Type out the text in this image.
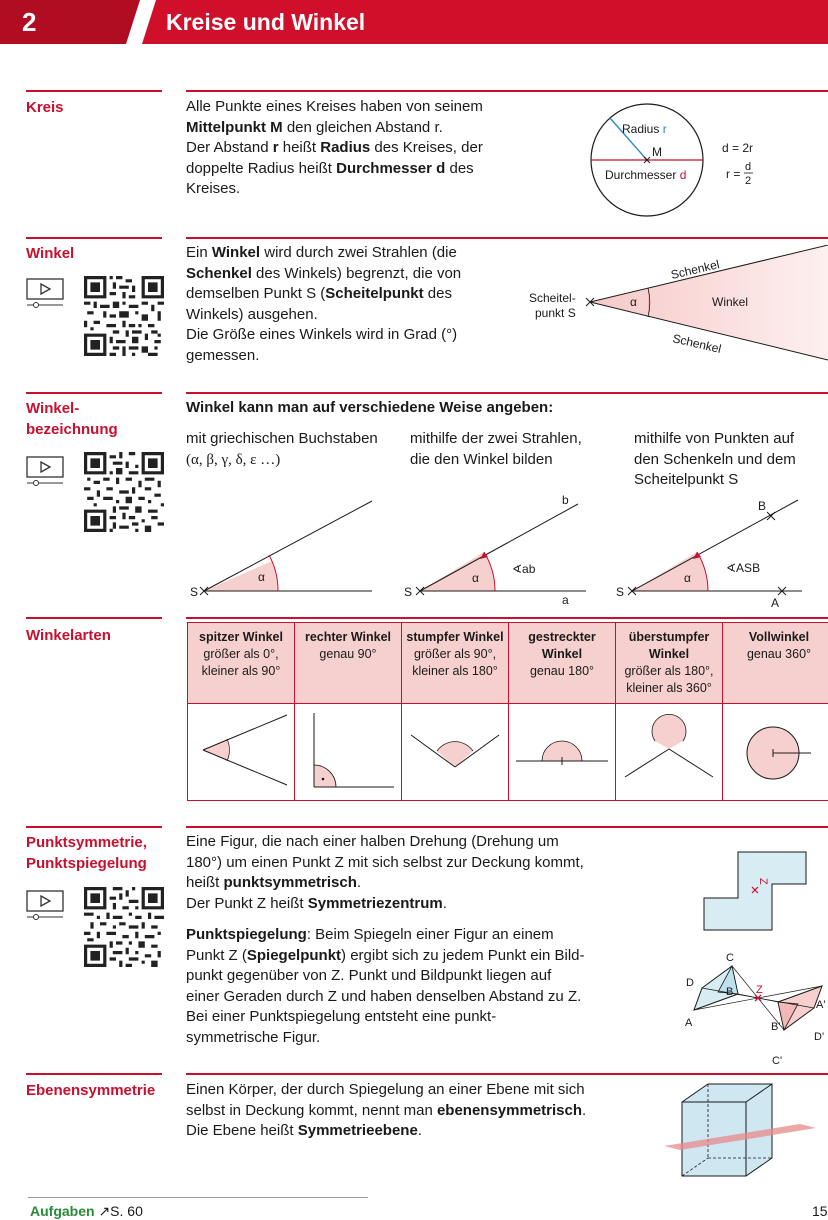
2	Kreise und Winkel
Kreis	Alle Punkte eines Kreises haben von seinem
Mittelpunkt M den gleichen Abstand r.
Der Abstand r heißt Radius des Kreises, der
doppelte Radius heißt Durchmesser d des
Kreises.
Radius r
M
Durchmesser d
d = 2r
r = d
2
Winkel	Ein Winkel wird durch zwei Strahlen (die
Schenkel des Winkels) begrenzt, die von
demselben Punkt S (Scheitelpunkt des
Winkels) ausgehen.
Die Größe eines Winkels wird in Grad (°)
gemessen.
Scheitel-
punkt S
α	Winkel
Schenkel
Schenkel
Winkel-
bezeichnung
Winkel kann man auf verschiedene Weise angeben:
mit griechischen Buchstaben
(α, β, γ, δ, ε …)
mithilfe der zwei Strahlen,
die den Winkel bilden
mithilfe von Punkten auf
den Schenkeln und dem
Scheitelpunkt S
S
α
S
α
b
a
∢ab
S
α
B
A
∢ASB
Winkelarten	spitzer Winkel
größer als 0°,
kleiner als 90°	rechter Winkel
genau 90°	stumpfer Winkel
größer als 90°,
kleiner als 180°	gestreckter
Winkel
genau 180°	überstumpfer
Winkel
größer als 180°,
kleiner als 360°	Vollwinkel
genau 360°

Punktsymmetrie,
Punktspiegelung
Eine Figur, die nach einer halben Drehung (Drehung um
180°) um einen Punkt Z mit sich selbst zur Deckung kommt,
heißt punktsymmetrisch.
Der Punkt Z heißt Symmetriezentrum.
Punktspiegelung: Beim Spiegeln einer Figur an einem
Punkt Z (Spiegelpunkt) ergibt sich zu jedem Punkt ein Bild-
punkt gegenüber von Z. Punkt und Bildpunkt liegen auf
einer Geraden durch Z und haben denselben Abstand zu Z.
Bei einer Punktspiegelung entsteht eine punkt-
symmetrische Figur.
Z
Z
C
D
B
A
A'
B'
D'
C'
Ebenensymmetrie Einen Körper, der durch Spiegelung an einer Ebene mit sich
selbst in Deckung kommt, nennt man ebenensymmetrisch.
Die Ebene heißt Symmetrieebene.
Aufgaben ↗S. 60	15
